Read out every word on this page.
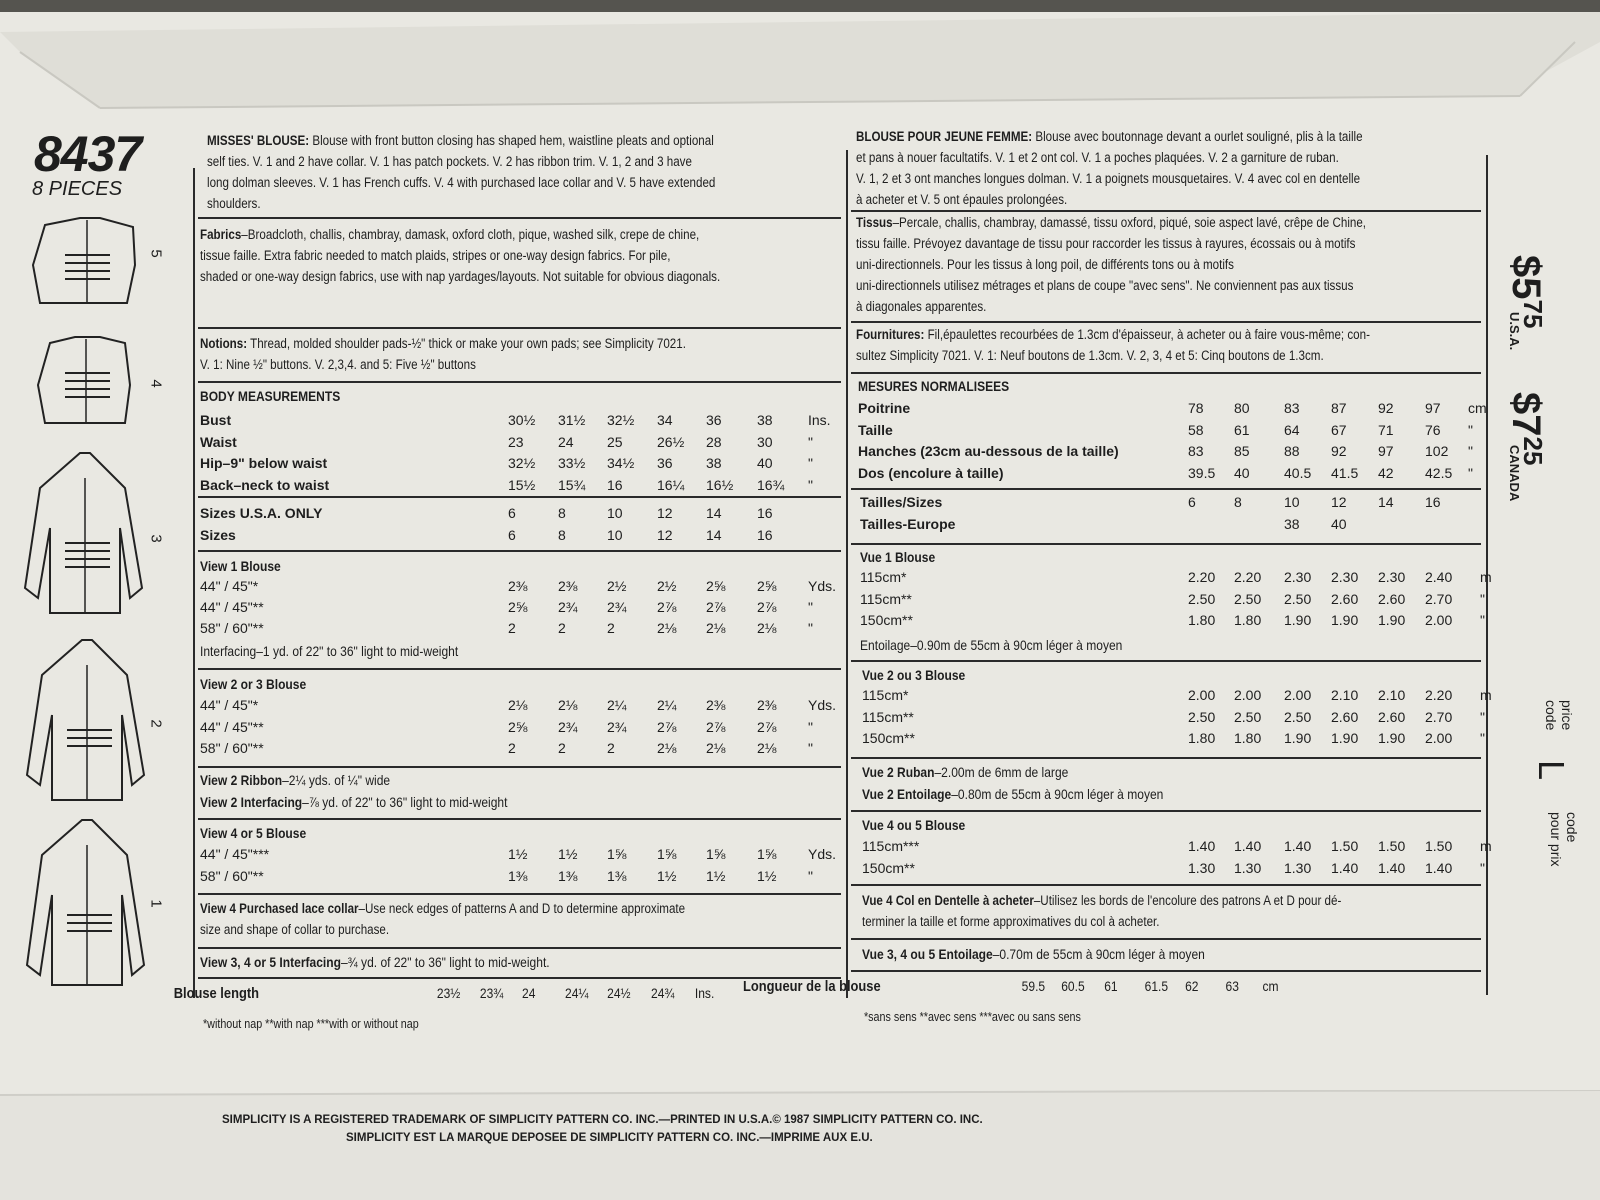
8437
8 PIECES
5
4
3
2
1
MISSES' BLOUSE: Blouse with front button closing has shaped hem, waistline pleats and optional
self ties. V. 1 and 2 have collar. V. 1 has patch pockets. V. 2 has ribbon trim. V. 1, 2 and 3 have
long dolman sleeves. V. 1 has French cuffs. V. 4 with purchased lace collar and V. 5 have extended
shoulders.
Fabrics–Broadcloth, challis, chambray, damask, oxford cloth, pique, washed silk, crepe de chine,
tissue faille. Extra fabric needed to match plaids, stripes or one-way design fabrics. For pile,
shaded or one-way design fabrics, use with nap yardages/layouts. Not suitable for obvious diagonals.
Notions: Thread, molded shoulder pads-½" thick or make your own pads; see Simplicity 7021.
V. 1: Nine ½" buttons. V. 2,3,4. and 5: Five ½" buttons
BODY MEASUREMENTS
Bust	30½ 31½ 32½ 34 36	38	Ins.
Waist	23 24 25 26½ 28	30	"
Hip–9" below waist	32½ 33½ 34½ 36 38	40	"
Back–neck to waist	15½ 15¾ 16 16¼ 16½ 16¾ "
Sizes U.S.A. ONLY	6	8	10 12 14	16
Sizes	6	8	10 12 14	16
View 1 Blouse
44" / 45"*	2⅜ 2⅜ 2½ 2½ 2⅝ 2⅝ Yds.
44" / 45"**	2⅝ 2¾ 2¾ 2⅞ 2⅞ 2⅞ "
58" / 60"**	2	2	2	2⅛ 2⅛ 2⅛ "
Interfacing–1 yd. of 22" to 36" light to mid-weight
View 2 or 3 Blouse
44" / 45"*	2⅛ 2⅛ 2¼ 2¼ 2⅜ 2⅜ Yds.
44" / 45"**	2⅝ 2¾ 2¾ 2⅞ 2⅞ 2⅞ "
58" / 60"**	2	2	2	2⅛ 2⅛ 2⅛ "
View 2 Ribbon–2¼ yds. of ¼" wide
View 2 Interfacing–⅞ yd. of 22" to 36" light to mid-weight
View 4 or 5 Blouse
44" / 45"***	1½ 1½ 1⅝ 1⅝ 1⅝ 1⅝ Yds.
58" / 60"**	1⅜ 1⅜ 1⅜ 1½ 1½ 1½ "
View 4 Purchased lace collar–Use neck edges of patterns A and D to determine approximate
size and shape of collar to purchase.
View 3, 4 or 5 Interfacing–¾ yd. of 22" to 36" light to mid-weight.
Blouse length	23½ 23¾ 24 24¼ 24½ 24¾ Ins.
*without nap **with nap ***with or without nap
BLOUSE POUR JEUNE FEMME: Blouse avec boutonnage devant a ourlet souligné, plis à la taille
et pans à nouer facultatifs. V. 1 et 2 ont col. V. 1 a poches plaquées. V. 2 a garniture de ruban.
V. 1, 2 et 3 ont manches longues dolman. V. 1 a poignets mousquetaires. V. 4 avec col en dentelle
à acheter et V. 5 ont épaules prolongées.
Tissus–Percale, challis, chambray, damassé, tissu oxford, piqué, soie aspect lavé, crêpe de Chine,
tissu faille. Prévoyez davantage de tissu pour raccorder les tissus à rayures, écossais ou à motifs
uni-directionnels. Pour les tissus à long poil, de différents tons ou à motifs
uni-directionnels utilisez métrages et plans de coupe "avec sens". Ne conviennent pas aux tissus
à diagonales apparentes.
Fournitures: Fil,épaulettes recourbées de 1.3cm d'épaisseur, à acheter ou à faire vous-même; con-
sultez Simplicity 7021. V. 1: Neuf boutons de 1.3cm. V. 2, 3, 4 et 5: Cinq boutons de 1.3cm.
MESURES NORMALISEES
Poitrine	78 80 83 87 92 97 cm
Taille	58 61 64 67 71 76 "
Hanches (23cm au-dessous de la taille)	83 85 88 92 97 102 "
Dos (encolure à taille)	39.5 40 40.5 41.5 42 42.5 "
Tailles/Sizes	6	8	10 12 14 16
Tailles-Europe	38 40
Vue 1 Blouse
115cm*	2.20 2.20 2.30 2.30 2.30 2.40 m
115cm**	2.50 2.50 2.50 2.60 2.60 2.70 "
150cm**	1.80 1.80 1.90 1.90 1.90 2.00 "
Entoilage–0.90m de 55cm à 90cm léger à moyen
Vue 2 ou 3 Blouse
115cm*	2.00 2.00 2.00 2.10 2.10 2.20 m
115cm**	2.50 2.50 2.50 2.60 2.60 2.70 "
150cm**	1.80 1.80 1.90 1.90 1.90 2.00 "
Vue 2 Ruban–2.00m de 6mm de large
Vue 2 Entoilage–0.80m de 55cm à 90cm léger à moyen
Vue 4 ou 5 Blouse
115cm***	1.40 1.40 1.40 1.50 1.50 1.50 m
150cm**	1.30 1.30 1.30 1.40 1.40 1.40 "
Vue 4 Col en Dentelle à acheter–Utilisez les bords de l'encolure des patrons A et D pour dé-
terminer la taille et forme approximatives du col à acheter.
Vue 3, 4 ou 5 Entoilage–0.70m de 55cm à 90cm léger à moyen
Longueur de la blouse	59.5 60.5 61 61.5 62 63 cm
*sans sens **avec sens ***avec ou sans sens
$575
U.S.A.
$725
CANADA
price code
L
code pour prix
SIMPLICITY IS A REGISTERED TRADEMARK OF SIMPLICITY PATTERN CO. INC.—PRINTED IN U.S.A.© 1987 SIMPLICITY PATTERN CO. INC.
SIMPLICITY EST LA MARQUE DEPOSEE DE SIMPLICITY PATTERN CO. INC.—IMPRIME AUX E.U.
